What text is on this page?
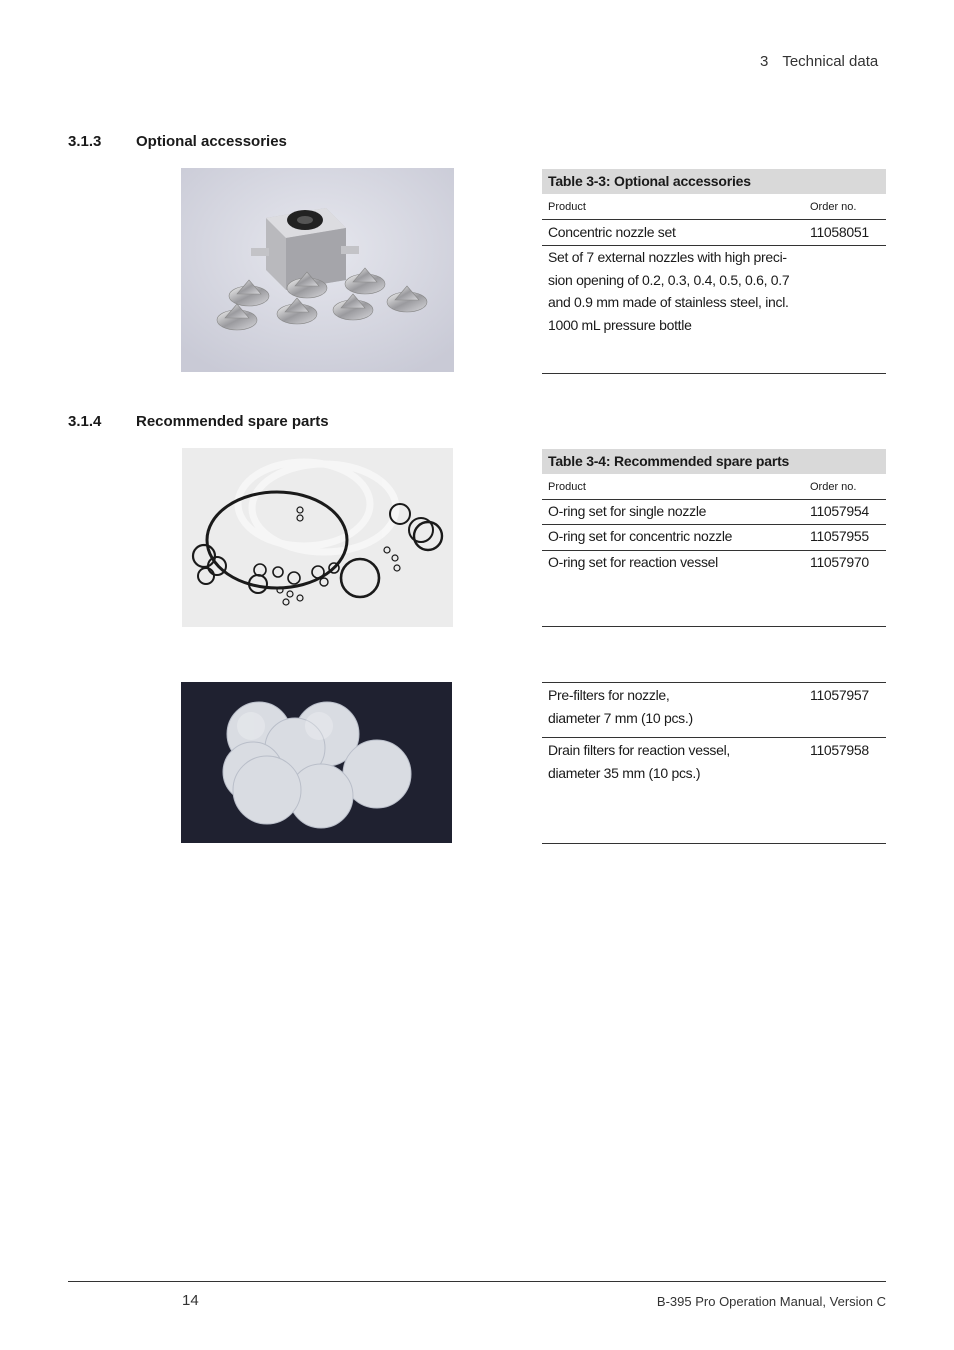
3 Technical data
3.1.3 Optional accessories
Table 3-3: Optional accessories
Product	Order no.
Concentric nozzle set	11058051
Set of 7 external nozzles with high preci-sion opening of 0.2, 0.3, 0.4, 0.5, 0.6, 0.7 and 0.9 mm made of stainless steel, incl. 1000 mL pressure bottle
3.1.4 Recommended spare parts
Table 3-4: Recommended spare parts
Product	Order no.
O-ring set for single nozzle	11057954
O-ring set for concentric nozzle	11057955
O-ring set for reaction vessel	11057970
Pre-filters for nozzle,
diameter 7 mm (10 pcs.)
11057957
Drain filters for reaction vessel,
diameter 35 mm (10 pcs.)
11057958
14	B-395 Pro Operation Manual, Version C
